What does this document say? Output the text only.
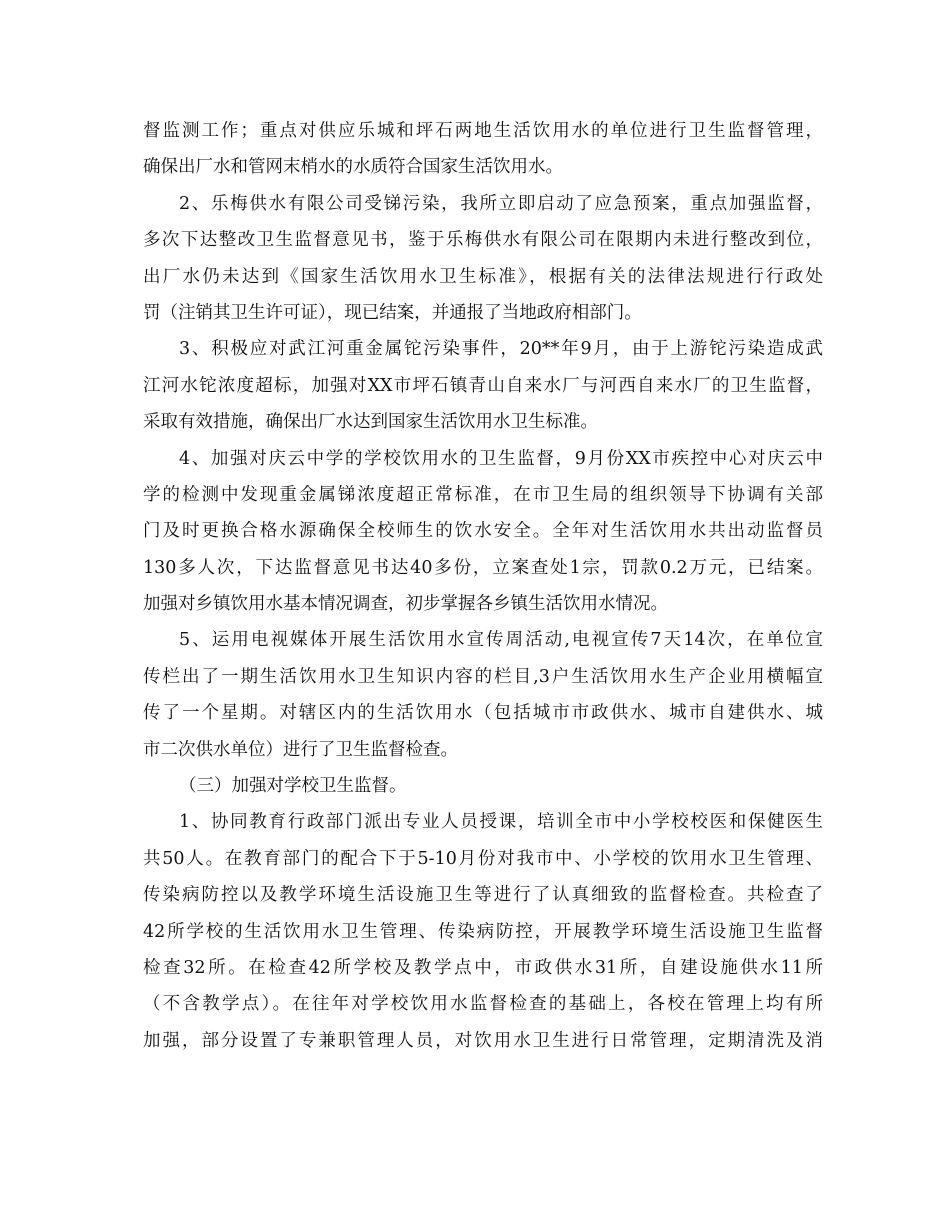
督监测工作；重点对供应乐城和坪石两地生活饮用水的单位进行卫生监督管理，
确保出厂水和管网末梢水的水质符合国家生活饮用水。
2、乐梅供水有限公司受锑污染，我所立即启动了应急预案，重点加强监督，
多次下达整改卫生监督意见书，鉴于乐梅供水有限公司在限期内未进行整改到位，
出厂水仍未达到《国家生活饮用水卫生标准》，根据有关的法律法规进行行政处
罚（注销其卫生许可证），现已结案，并通报了当地政府相部门。
3、积极应对武江河重金属铊污染事件，20**年9月，由于上游铊污染造成武
江河水铊浓度超标，加强对XX市坪石镇青山自来水厂与河西自来水厂的卫生监督，
采取有效措施，确保出厂水达到国家生活饮用水卫生标准。
4、加强对庆云中学的学校饮用水的卫生监督，9月份XX市疾控中心对庆云中
学的检测中发现重金属锑浓度超正常标准，在市卫生局的组织领导下协调有关部
门及时更换合格水源确保全校师生的饮水安全。全年对生活饮用水共出动监督员
130多人次，下达监督意见书达40多份，立案查处1宗，罚款0.2万元，已结案。
加强对乡镇饮用水基本情况调查，初步掌握各乡镇生活饮用水情况。
5、运用电视媒体开展生活饮用水宣传周活动,电视宣传7天14次，在单位宣
传栏出了一期生活饮用水卫生知识内容的栏目,3户生活饮用水生产企业用横幅宣
传了一个星期。对辖区内的生活饮用水（包括城市市政供水、城市自建供水、城
市二次供水单位）进行了卫生监督检查。
（三）加强对学校卫生监督。
1、协同教育行政部门派出专业人员授课，培训全市中小学校校医和保健医生
共50人。在教育部门的配合下于5-10月份对我市中、小学校的饮用水卫生管理、
传染病防控以及教学环境生活设施卫生等进行了认真细致的监督检查。共检查了
42所学校的生活饮用水卫生管理、传染病防控，开展教学环境生活设施卫生监督
检查32所。在检查42所学校及教学点中，市政供水31所，自建设施供水11所
（不含教学点）。在往年对学校饮用水监督检查的基础上，各校在管理上均有所
加强，部分设置了专兼职管理人员，对饮用水卫生进行日常管理，定期清洗及消
